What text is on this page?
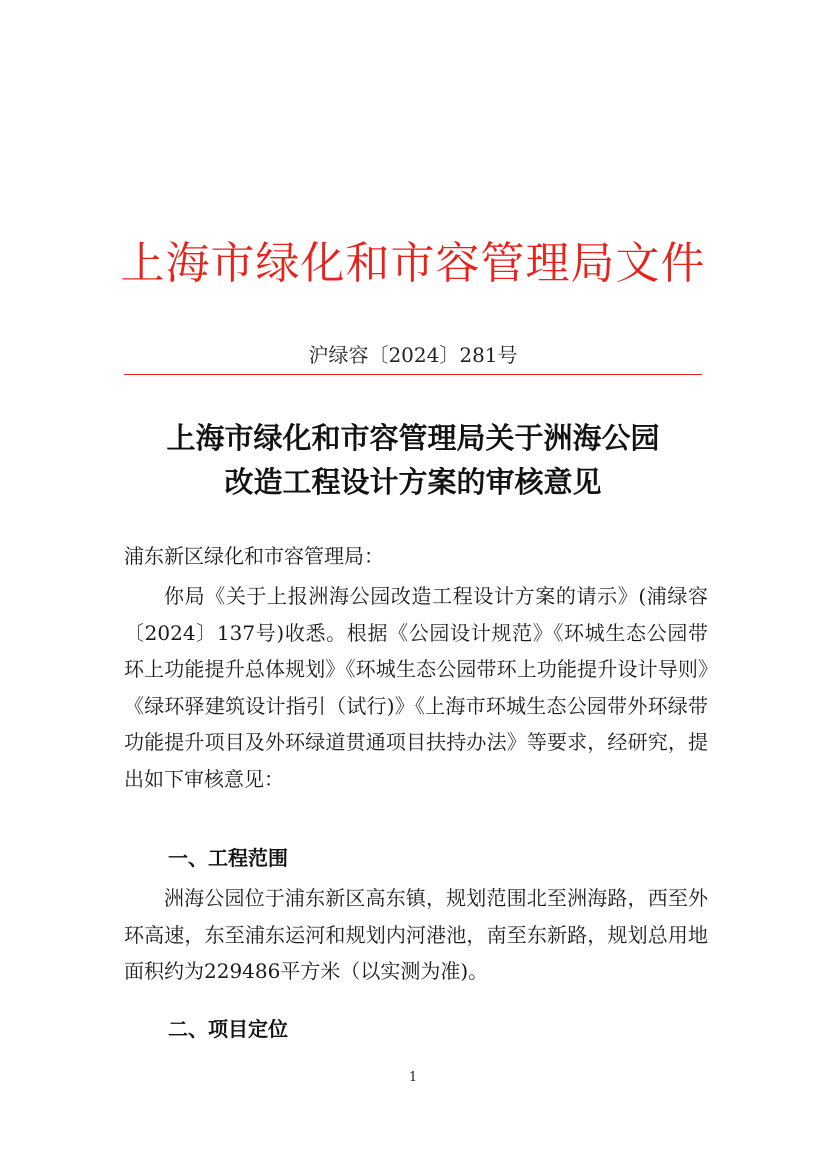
上海市绿化和市容管理局文件
沪绿容〔2024〕281号
上海市绿化和市容管理局关于洲海公园
改造工程设计方案的审核意见
浦东新区绿化和市容管理局：
你局《关于上报洲海公园改造工程设计方案的请示》(浦绿容〔2024〕137号)收悉。根据《公园设计规范》《环城生态公园带环上功能提升总体规划》《环城生态公园带环上功能提升设计导则》《绿环驿建筑设计指引（试行)》《上海市环城生态公园带外环绿带功能提升项目及外环绿道贯通项目扶持办法》等要求，经研究，提出如下审核意见：
一、工程范围
洲海公园位于浦东新区高东镇，规划范围北至洲海路，西至外环高速，东至浦东运河和规划内河港池，南至东新路，规划总用地面积约为229486平方米（以实测为准)。
二、项目定位
1
